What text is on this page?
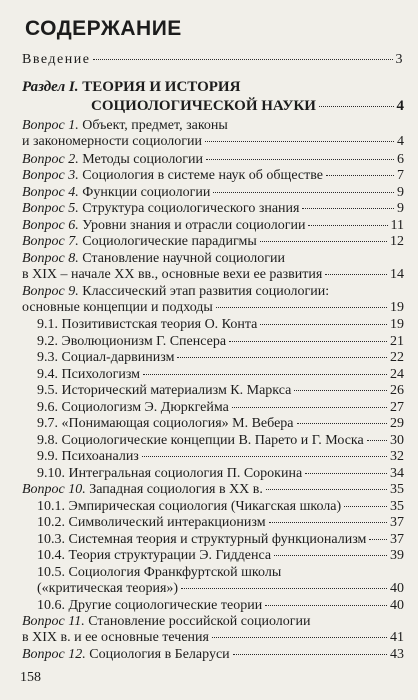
СОДЕРЖАНИЕ
Введение	3
Раздел I. ТЕОРИЯ И ИСТОРИЯ
СОЦИОЛОГИЧЕСКОЙ НАУКИ	4
Вопрос 1. Объект, предмет, законы
и закономерности социологии	4
Вопрос 2. Методы социологии	6
Вопрос 3. Социология в системе наук об обществе	7
Вопрос 4. Функции социологии	9
Вопрос 5. Структура социологического знания	9
Вопрос 6. Уровни знания и отрасли социологии	11
Вопрос 7. Социологические парадигмы	12
Вопрос 8. Становление научной социологии
в XIX – начале XX вв., основные вехи ее развития	14
Вопрос 9. Классический этап развития социологии:
основные концепции и подходы	19
9.1. Позитивистская теория О. Конта	19
9.2. Эволюционизм Г. Спенсера	21
9.3. Социал-дарвинизм	22
9.4. Психологизм	24
9.5. Исторический материализм К. Маркса	26
9.6. Социологизм Э. Дюркгейма	27
9.7. «Понимающая социология» М. Вебера	29
9.8. Социологические концепции В. Парето и Г. Моска 30
9.9. Психоанализ	32
9.10. Интегральная социология П. Сорокина	34
Вопрос 10. Западная социология в XX в.	35
10.1. Эмпирическая социология (Чикагская школа)	35
10.2. Символический интеракционизм	37
10.3. Системная теория и структурный функционализм 37
10.4. Теория структурации Э. Гидденса	39
10.5. Социология Франкфуртской школы
(«критическая теория»)	40
10.6. Другие социологические теории	40
Вопрос 11. Становление российской социологии
в XIX в. и ее основные течения	41
Вопрос 12. Социология в Беларуси	43
158
